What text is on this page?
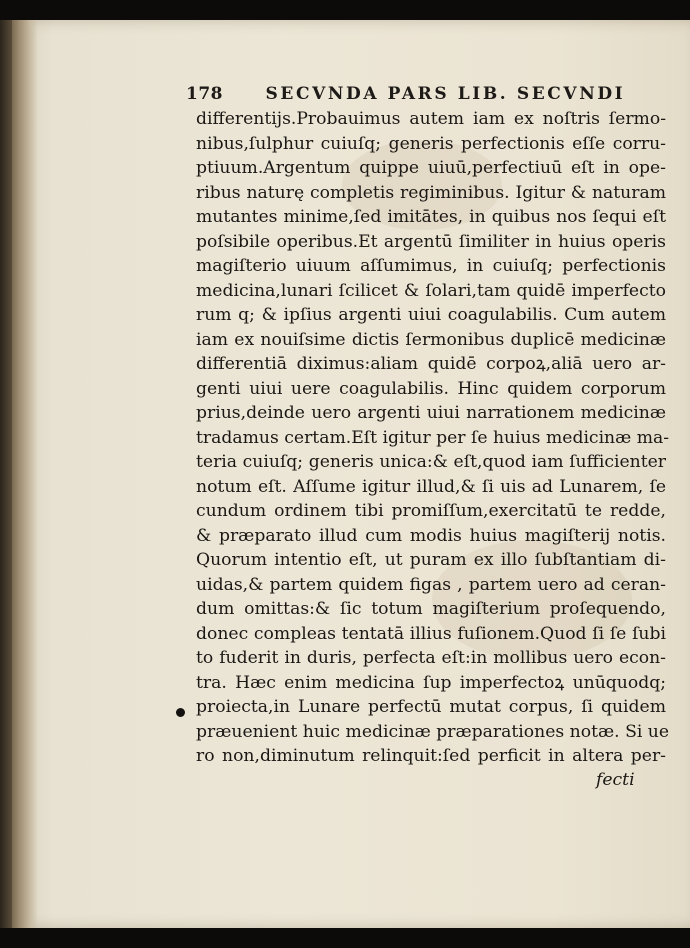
178	SECVNDA PARS LIB. SECVNDI
differentijs.Probauimus autem iam ex noſtris ſermo-
nibus,ſulphur cuiuſq; generis perfectionis eſſe corru-
ptiuum.Argentum quippe uiuū,perfectiuū eſt in ope-
ribus naturę completis regiminibus. Igitur & naturam
mutantes minime,ſed imitātes, in quibus nos ſequi eſt
poſsibile operibus.Et argentū ſimiliter in huius operis
magiſterio uiuum aſſumimus, in cuiuſq; perfectionis
medicina,lunari ſcilicet & ſolari,tam quidē imperfecto
rum q; & ipſius argenti uiui coagulabilis. Cum autem
iam ex nouiſsime dictis ſermonibus duplicē medicinæ
differentiā diximus:aliam quidē corpoꝝ,aliā uero ar-
genti uiui uere coagulabilis. Hinc quidem corporum
prius,deinde uero argenti uiui narrationem medicinæ
tradamus certam.Eſt igitur per ſe huius medicinæ ma-
teria cuiuſq; generis unica:& eſt,quod iam ſufficienter
notum eſt. Aſſume igitur illud,& ſi uis ad Lunarem, ſe
cundum ordinem tibi promiſſum,exercitatū te redde,
& præparato illud cum modis huius magiſterij notis.
Quorum intentio eſt, ut puram ex illo ſubſtantiam di-
uidas,& partem quidem figas , partem uero ad ceran-
dum omittas:& ſic totum magiſterium proſequendo,
donec compleas tentatā illius fuſionem.Quod ſi ſe ſubi
to fuderit in duris, perfecta eſt:in mollibus uero econ-
tra. Hæc enim medicina ſup imperfectoꝝ unūquodq;
proiecta,in Lunare perfectū mutat corpus, ſi quidem
præuenient huic medicinæ præparationes notæ. Si ue
ro non,diminutum relinquit:ſed perficit in altera per-
fecti
